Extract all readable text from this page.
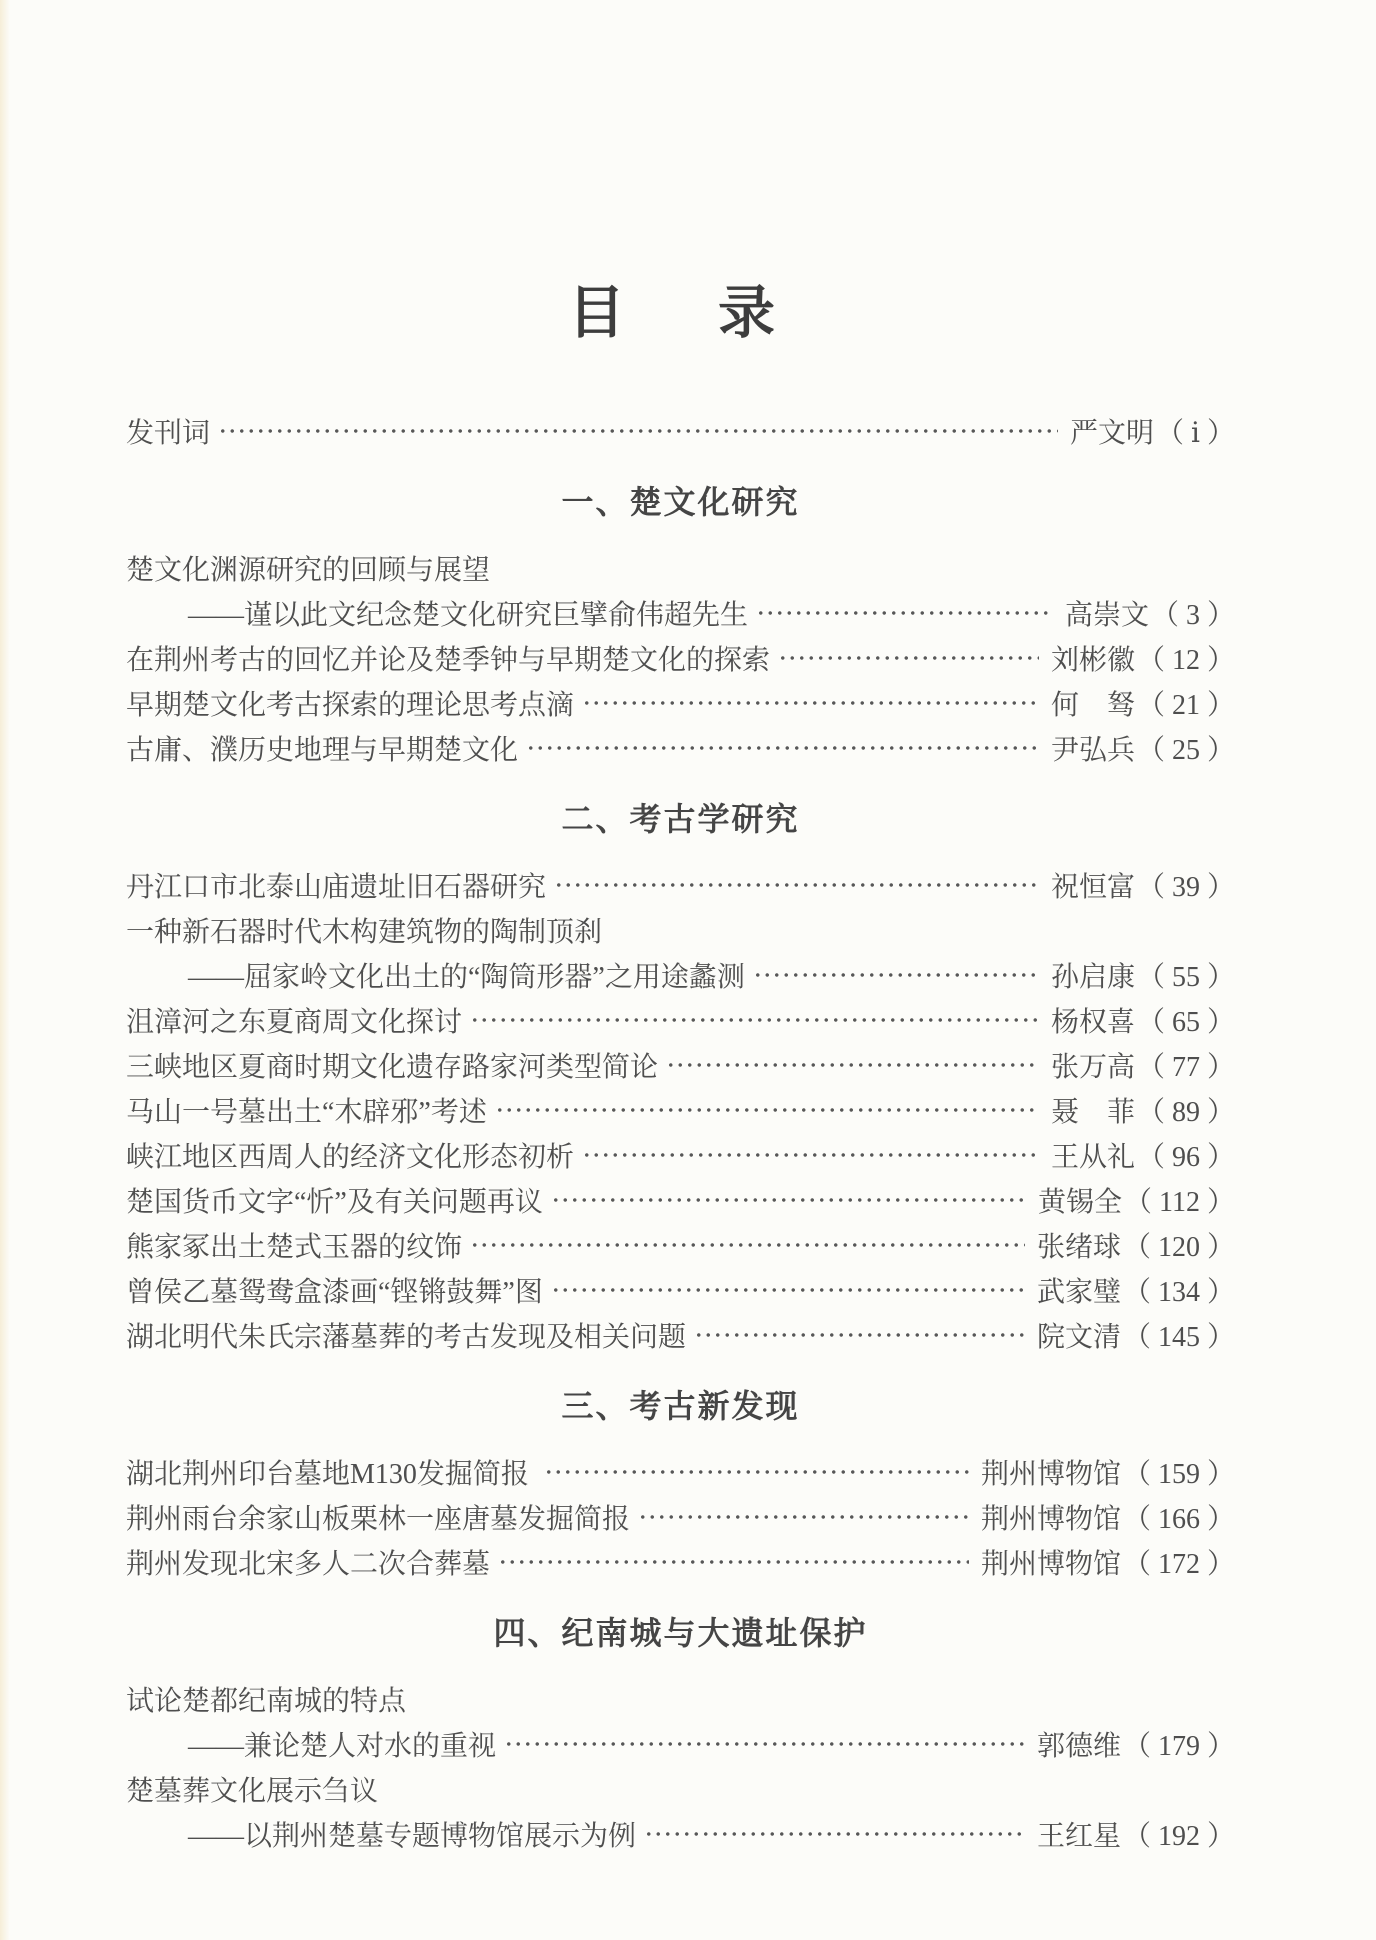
目　录
发刊词	严文明 （ ⅰ ）
一、楚文化研究
楚文化渊源研究的回顾与展望
——谨以此文纪念楚文化研究巨擘俞伟超先生	高崇文 （ 3 ）
在荆州考古的回忆并论及楚季钟与早期楚文化的探索	刘彬徽 （ 12 ）
早期楚文化考古探索的理论思考点滴	何　驽 （ 21 ）
古庸、濮历史地理与早期楚文化	尹弘兵 （ 25 ）
二、考古学研究
丹江口市北泰山庙遗址旧石器研究	祝恒富 （ 39 ）
一种新石器时代木构建筑物的陶制顶刹
——屈家岭文化出土的“陶筒形器”之用途蠡测	孙启康 （ 55 ）
沮漳河之东夏商周文化探讨	杨权喜 （ 65 ）
三峡地区夏商时期文化遗存路家河类型简论	张万高 （ 77 ）
马山一号墓出土“木辟邪”考述	聂　菲 （ 89 ）
峡江地区西周人的经济文化形态初析	王从礼 （ 96 ）
楚国货币文字“忻”及有关问题再议	黄锡全 （ 112 ）
熊家冢出土楚式玉器的纹饰	张绪球 （ 120 ）
曾侯乙墓鸳鸯盒漆画“铿锵鼓舞”图	武家璧 （ 134 ）
湖北明代朱氏宗藩墓葬的考古发现及相关问题	院文清 （ 145 ）
三、考古新发现
湖北荆州印台墓地M130发掘简报	荆州博物馆 （ 159 ）
荆州雨台余家山板栗林一座唐墓发掘简报	荆州博物馆 （ 166 ）
荆州发现北宋多人二次合葬墓	荆州博物馆 （ 172 ）
四、纪南城与大遗址保护
试论楚都纪南城的特点
——兼论楚人对水的重视	郭德维 （ 179 ）
楚墓葬文化展示刍议
——以荆州楚墓专题博物馆展示为例	王红星 （ 192 ）
